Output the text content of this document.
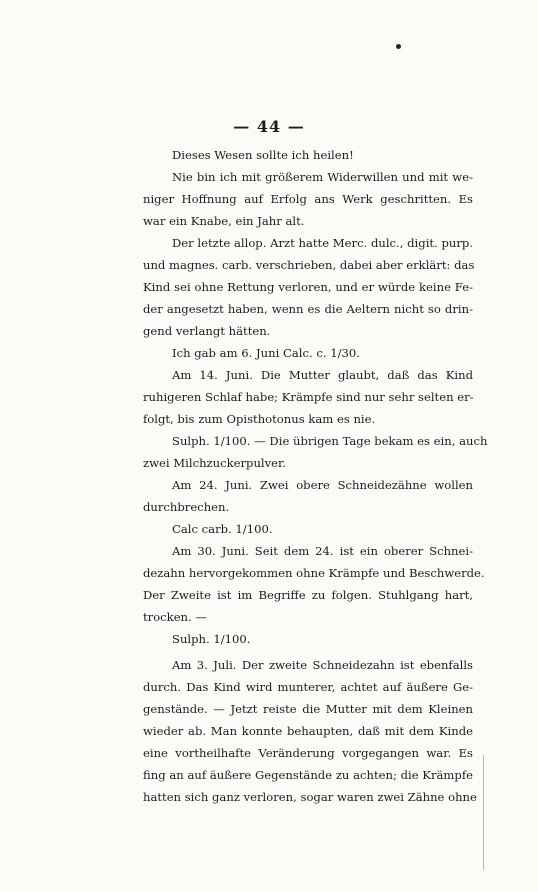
— 44 —
Dieses Wesen sollte ich heilen!
Nie bin ich mit größerem Widerwillen und mit we-
niger Hoffnung auf Erfolg ans Werk geschritten. Es
war ein Knabe, ein Jahr alt.
Der letzte allop. Arzt hatte Merc. dulc., digit. purp.
und magnes. carb. verschrieben, dabei aber erklärt: das
Kind sei ohne Rettung verloren, und er würde keine Fe-
der angesetzt haben, wenn es die Aeltern nicht so drin-
gend verlangt hätten.
Ich gab am 6. Juni Calc. c. 1/30.
Am 14. Juni. Die Mutter glaubt, daß das Kind
ruhigeren Schlaf habe; Krämpfe sind nur sehr selten er-
folgt, bis zum Opisthotonus kam es nie.
Sulph. 1/100. — Die übrigen Tage bekam es ein, auch
zwei Milchzuckerpulver.
Am 24. Juni. Zwei obere Schneidezähne wollen
durchbrechen.
Calc carb. 1/100.
Am 30. Juni. Seit dem 24. ist ein oberer Schnei-
dezahn hervorgekommen ohne Krämpfe und Beschwerde.
Der Zweite ist im Begriffe zu folgen. Stuhlgang hart,
trocken. —
Sulph. 1/100.
Am 3. Juli. Der zweite Schneidezahn ist ebenfalls
durch. Das Kind wird munterer, achtet auf äußere Ge-
genstände. — Jetzt reiste die Mutter mit dem Kleinen
wieder ab. Man konnte behaupten, daß mit dem Kinde
eine vortheilhafte Veränderung vorgegangen war. Es
fing an auf äußere Gegenstände zu achten; die Krämpfe
hatten sich ganz verloren, sogar waren zwei Zähne ohne
